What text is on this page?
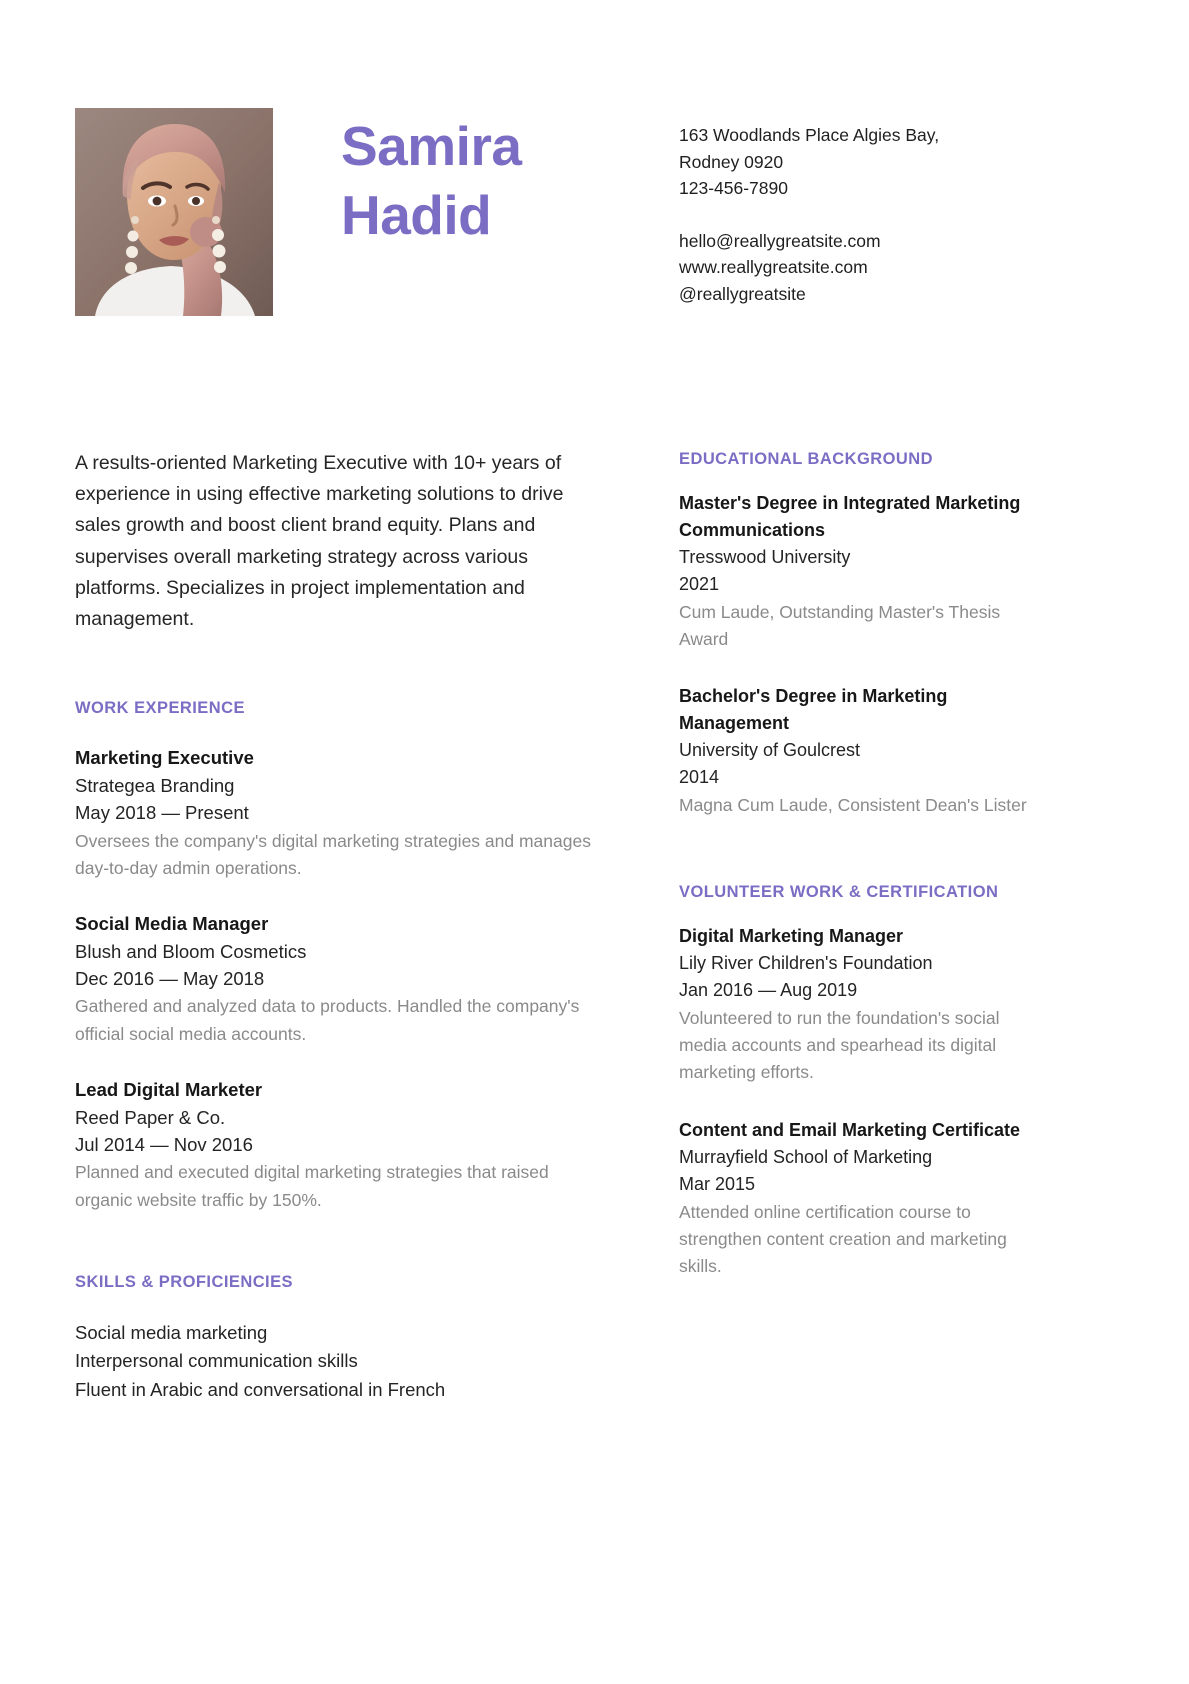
Samira
Hadid
163 Woodlands Place Algies Bay,
Rodney 0920
123-456-7890
hello@reallygreatsite.com
www.reallygreatsite.com
@reallygreatsite

A results-oriented Marketing Executive with 10+ years of experience in using effective marketing solutions to drive sales growth and boost client brand equity. Plans and supervises overall marketing strategy across various platforms. Specializes in project implementation and management.

WORK EXPERIENCE
Marketing Executive
Strategea Branding
May 2018 — Present
Oversees the company's digital marketing strategies and manages day-to-day admin operations.
Social Media Manager
Blush and Bloom Cosmetics
Dec 2016 — May 2018
Gathered and analyzed data to products. Handled the company's official social media accounts.
Lead Digital Marketer
Reed Paper & Co.
Jul 2014 — Nov 2016
Planned and executed digital marketing strategies that raised organic website traffic by 150%.
SKILLS & PROFICIENCIES
Social media marketing
Interpersonal communication skills
Fluent in Arabic and conversational in French
EDUCATIONAL BACKGROUND
Master's Degree in Integrated Marketing Communications
Tresswood University
2021
Cum Laude, Outstanding Master's Thesis Award
Bachelor's Degree in Marketing Management
University of Goulcrest
2014
Magna Cum Laude, Consistent Dean's Lister
VOLUNTEER WORK & CERTIFICATION
Digital Marketing Manager
Lily River Children's Foundation
Jan 2016 — Aug 2019
Volunteered to run the foundation's social media accounts and spearhead its digital marketing efforts.
Content and Email Marketing Certificate
Murrayfield School of Marketing
Mar 2015
Attended online certification course to strengthen content creation and marketing skills.
